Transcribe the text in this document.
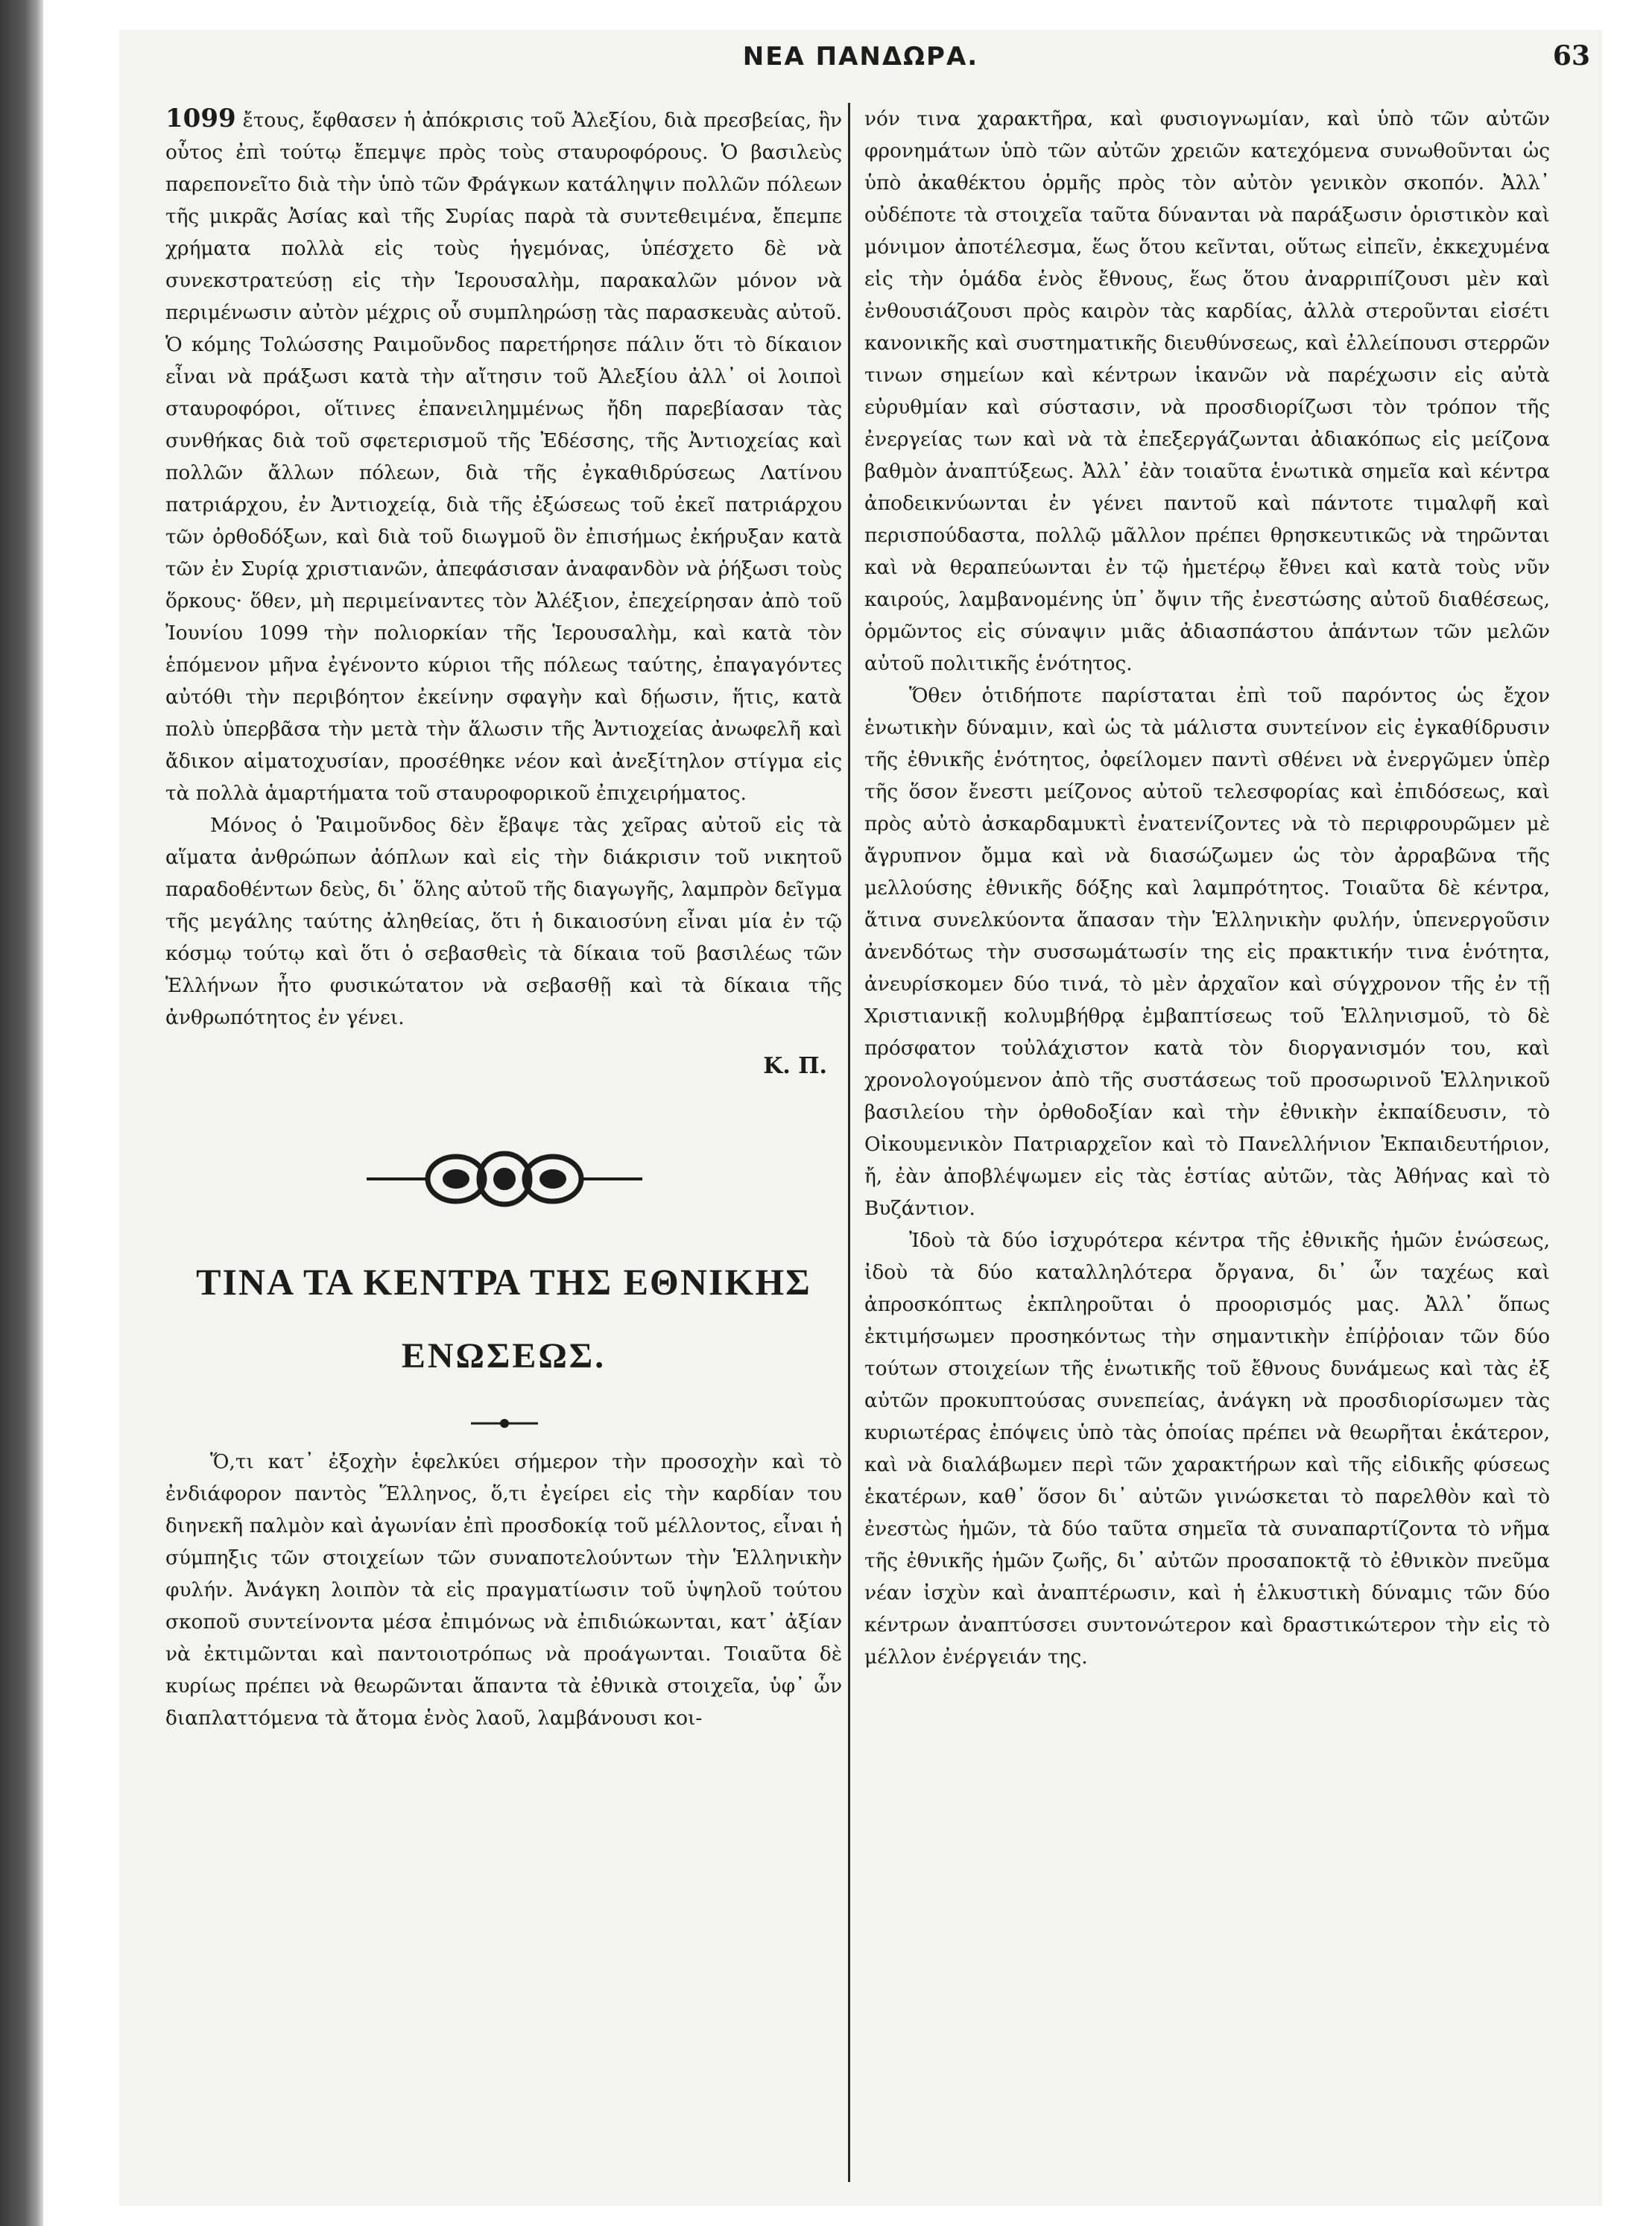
ΝΕΑ ΠΑΝΔΩΡΑ.	63

1099 ἔτους, ἔφθασεν ἡ ἀπόκρισις τοῦ Ἀλεξίου, διὰ πρεσβείας, ἣν οὗτος ἐπὶ τούτῳ ἔπεμψε πρὸς τοὺς σταυροφόρους. Ὁ βασιλεὺς παρεπονεῖτο διὰ τὴν ὑπὸ τῶν Φράγκων κατάληψιν πολλῶν πόλεων τῆς μικρᾶς Ἀσίας καὶ τῆς Συρίας παρὰ τὰ συντεθειμένα, ἔπεμπε χρήματα πολλὰ εἰς τοὺς ἡγεμόνας, ὑπέσχετο δὲ νὰ συνεκστρατεύσῃ εἰς τὴν Ἱερουσαλὴμ, παρακαλῶν μόνον νὰ περιμένωσιν αὐτὸν μέχρις οὗ συμπληρώσῃ τὰς παρασκευὰς αὐτοῦ. Ὁ κόμης Τολώσσης Ραιμοῦνδος παρετήρησε πάλιν ὅτι τὸ δίκαιον εἶναι νὰ πράξωσι κατὰ τὴν αἴτησιν τοῦ Ἀλεξίου ἀλλ᾽ οἱ λοιποὶ σταυροφόροι, οἵτινες ἐπανειλημμένως ἤδη παρεβίασαν τὰς συνθήκας διὰ τοῦ σφετερισμοῦ τῆς Ἐδέσσης, τῆς Ἀντιοχείας καὶ πολλῶν ἄλλων πόλεων, διὰ τῆς ἐγκαθιδρύσεως Λατίνου πατριάρχου, ἐν Ἀντιοχείᾳ, διὰ τῆς ἐξώσεως τοῦ ἐκεῖ πατριάρχου τῶν ὀρθοδόξων, καὶ διὰ τοῦ διωγμοῦ ὃν ἐπισήμως ἐκήρυξαν κατὰ τῶν ἐν Συρίᾳ χριστιανῶν, ἀπεφάσισαν ἀναφανδὸν νὰ ῥήξωσι τοὺς ὅρκους· ὅθεν, μὴ περιμείναντες τὸν Ἀλέξιον, ἐπεχείρησαν ἀπὸ τοῦ Ἰουνίου 1099 τὴν πολιορκίαν τῆς Ἱερουσαλὴμ, καὶ κατὰ τὸν ἑπόμενον μῆνα ἐγένοντο κύριοι τῆς πόλεως ταύτης, ἐπαγαγόντες αὐτόθι τὴν περιβόητον ἐκείνην σφαγὴν καὶ δῄωσιν, ἥτις, κατὰ πολὺ ὑπερβᾶσα τὴν μετὰ τὴν ἅλωσιν τῆς Ἀντιοχείας ἀνωφελῆ καὶ ἄδικον αἱματοχυσίαν, προσέθηκε νέον καὶ ἀνεξίτηλον στίγμα εἰς τὰ πολλὰ ἁμαρτήματα τοῦ σταυροφορικοῦ ἐπιχειρήματος.

Μόνος ὁ Ῥαιμοῦνδος δὲν ἔβαψε τὰς χεῖρας αὐτοῦ εἰς τὰ αἵματα ἀνθρώπων ἀόπλων καὶ εἰς τὴν διάκρισιν τοῦ νικητοῦ παραδοθέντων δεὺς, δι᾽ ὅλης αὐτοῦ τῆς διαγωγῆς, λαμπρὸν δεῖγμα τῆς μεγάλης ταύτης ἀληθείας, ὅτι ἡ δικαιοσύνη εἶναι μία ἐν τῷ κόσμῳ τούτῳ καὶ ὅτι ὁ σεβασθεὶς τὰ δίκαια τοῦ βασιλέως τῶν Ἑλλήνων ἦτο φυσικώτατον νὰ σεβασθῇ καὶ τὰ δίκαια τῆς ἀνθρωπότητος ἐν γένει.

Κ. Π.
ΤΙΝΑ ΤΑ ΚΕΝΤΡΑ ΤΗΣ ΕΘΝΙΚΗΣ
ΕΝΩΣΕΩΣ.

Ὅ,τι κατ᾽ ἐξοχὴν ἑφελκύει σήμερον τὴν προσοχὴν καὶ τὸ ἐνδιάφορον παντὸς Ἕλληνος, ὅ,τι ἐγείρει εἰς τὴν καρδίαν του διηνεκῆ παλμὸν καὶ ἀγωνίαν ἐπὶ προσδοκίᾳ τοῦ μέλλοντος, εἶναι ἡ σύμπηξις τῶν στοιχείων τῶν συναποτελούντων τὴν Ἑλληνικὴν φυλήν. Ἀνάγκη λοιπὸν τὰ εἰς πραγματίωσιν τοῦ ὑψηλοῦ τούτου σκοποῦ συντείνοντα μέσα ἐπιμόνως νὰ ἐπιδιώκωνται, κατ᾽ ἀξίαν νὰ ἐκτιμῶνται καὶ παντοιοτρόπως νὰ προάγωνται. Τοιαῦτα δὲ κυρίως πρέπει νὰ θεωρῶνται ἅπαντα τὰ ἐθνικὰ στοιχεῖα, ὑφ᾽ ὧν διαπλαττόμενα τὰ ἄτομα ἑνὸς λαοῦ, λαμβάνουσι κοι-

νόν τινα χαρακτῆρα, καὶ φυσιογνωμίαν, καὶ ὑπὸ τῶν αὐτῶν φρονημάτων ὑπὸ τῶν αὐτῶν χρειῶν κατεχόμενα συνωθοῦνται ὡς ὑπὸ ἀκαθέκτου ὁρμῆς πρὸς τὸν αὐτὸν γενικὸν σκοπόν. Ἀλλ᾽ οὐδέποτε τὰ στοιχεῖα ταῦτα δύνανται νὰ παράξωσιν ὁριστικὸν καὶ μόνιμον ἀποτέλεσμα, ἕως ὅτου κεῖνται, οὕτως εἰπεῖν, ἐκκεχυμένα εἰς τὴν ὁμάδα ἑνὸς ἔθνους, ἕως ὅτου ἀναρριπίζουσι μὲν καὶ ἐνθουσιάζουσι πρὸς καιρὸν τὰς καρδίας, ἀλλὰ στεροῦνται εἰσέτι κανονικῆς καὶ συστηματικῆς διευθύνσεως, καὶ ἐλλείπουσι στερρῶν τινων σημείων καὶ κέντρων ἱκανῶν νὰ παρέχωσιν εἰς αὐτὰ εὐρυθμίαν καὶ σύστασιν, νὰ προσδιορίζωσι τὸν τρόπον τῆς ἐνεργείας των καὶ νὰ τὰ ἐπεξεργάζωνται ἀδιακόπως εἰς μείζονα βαθμὸν ἀναπτύξεως. Ἀλλ᾽ ἐὰν τοιαῦτα ἑνωτικὰ σημεῖα καὶ κέντρα ἀποδεικνύωνται ἐν γένει παντοῦ καὶ πάντοτε τιμαλφῆ καὶ περισπούδαστα, πολλῷ μᾶλλον πρέπει θρησκευτικῶς νὰ τηρῶνται καὶ νὰ θεραπεύωνται ἐν τῷ ἡμετέρῳ ἔθνει καὶ κατὰ τοὺς νῦν καιρούς, λαμβανομένης ὑπ᾽ ὄψιν τῆς ἐνεστώσης αὐτοῦ διαθέσεως, ὁρμῶντος εἰς σύναψιν μιᾶς ἀδιασπάστου ἁπάντων τῶν μελῶν αὐτοῦ πολιτικῆς ἑνότητος.

Ὅθεν ὁτιδήποτε παρίσταται ἐπὶ τοῦ παρόντος ὡς ἔχον ἑνωτικὴν δύναμιν, καὶ ὡς τὰ μάλιστα συντείνον εἰς ἐγκαθίδρυσιν τῆς ἐθνικῆς ἑνότητος, ὀφείλομεν παντὶ σθένει νὰ ἐνεργῶμεν ὑπὲρ τῆς ὅσον ἔνεστι μείζονος αὐτοῦ τελεσφορίας καὶ ἐπιδόσεως, καὶ πρὸς αὐτὸ ἀσκαρδαμυκτὶ ἐνατενίζοντες νὰ τὸ περιφρουρῶμεν μὲ ἄγρυπνον ὄμμα καὶ νὰ διασώζωμεν ὡς τὸν ἀρραβῶνα τῆς μελλούσης ἐθνικῆς δόξης καὶ λαμπρότητος. Τοιαῦτα δὲ κέντρα, ἅτινα συνελκύοντα ἅπασαν τὴν Ἑλληνικὴν φυλήν, ὑπενεργοῦσιν ἀνενδότως τὴν συσσωμάτωσίν της εἰς πρακτικήν τινα ἑνότητα, ἀνευρίσκομεν δύο τινά, τὸ μὲν ἀρχαῖον καὶ σύγχρονον τῆς ἐν τῇ Χριστιανικῇ κολυμβήθρᾳ ἐμβαπτίσεως τοῦ Ἑλληνισμοῦ, τὸ δὲ πρόσφατον τοὐλάχιστον κατὰ τὸν διοργανισμόν του, καὶ χρονολογούμενον ἀπὸ τῆς συστάσεως τοῦ προσωρινοῦ Ἑλληνικοῦ βασιλείου τὴν ὀρθοδοξίαν καὶ τὴν ἐθνικὴν ἐκπαίδευσιν, τὸ Οἰκουμενικὸν Πατριαρχεῖον καὶ τὸ Πανελλήνιον Ἐκπαιδευτήριον, ἤ, ἐὰν ἀποβλέψωμεν εἰς τὰς ἑστίας αὐτῶν, τὰς Ἀθήνας καὶ τὸ Βυζάντιον.

Ἰδοὺ τὰ δύο ἰσχυρότερα κέντρα τῆς ἐθνικῆς ἡμῶν ἑνώσεως, ἰδοὺ τὰ δύο καταλληλότερα ὄργανα, δι᾽ ὧν ταχέως καὶ ἀπροσκόπτως ἐκπληροῦται ὁ προορισμός μας. Ἀλλ᾽ ὅπως ἐκτιμήσωμεν προσηκόντως τὴν σημαντικὴν ἐπίῤῥοιαν τῶν δύο τούτων στοιχείων τῆς ἑνωτικῆς τοῦ ἔθνους δυνάμεως καὶ τὰς ἐξ αὐτῶν προκυπτούσας συνεπείας, ἀνάγκη νὰ προσδιορίσωμεν τὰς κυριωτέρας ἐπόψεις ὑπὸ τὰς ὁποίας πρέπει νὰ θεωρῆται ἑκάτερον, καὶ νὰ διαλάβωμεν περὶ τῶν χαρακτήρων καὶ τῆς εἰδικῆς φύσεως ἑκατέρων, καθ᾽ ὅσον δι᾽ αὐτῶν γινώσκεται τὸ παρελθὸν καὶ τὸ ἐνεστὼς ἡμῶν, τὰ δύο ταῦτα σημεῖα τὰ συναπαρτίζοντα τὸ νῆμα τῆς ἐθνικῆς ἡμῶν ζωῆς, δι᾽ αὐτῶν προσαποκτᾷ τὸ ἐθνικὸν πνεῦμα νέαν ἰσχὺν καὶ ἀναπτέρωσιν, καὶ ἡ ἑλκυστικὴ δύναμις τῶν δύο κέντρων ἀναπτύσσει συντονώτερον καὶ δραστικώτερον τὴν εἰς τὸ μέλλον ἐνέργειάν της.
